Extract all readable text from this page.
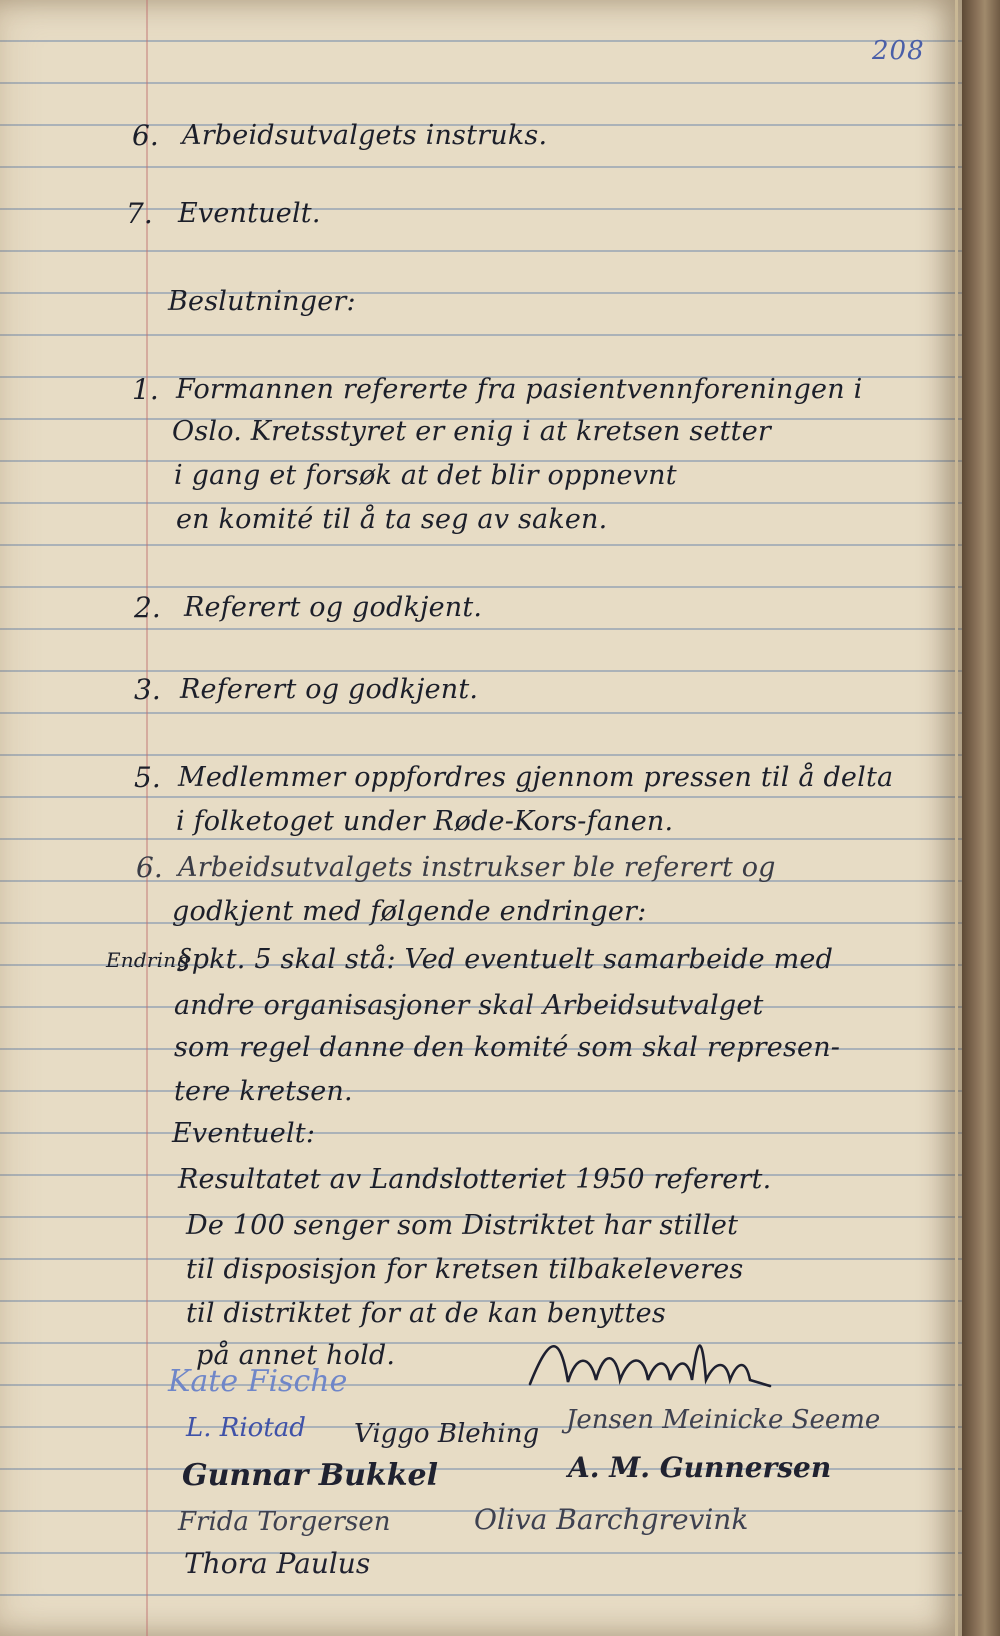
208
6. Arbeidsutvalgets instruks.
7. Eventuelt.
Beslutninger:
1. Formannen refererte fra pasientvennforeningen i
Oslo. Kretsstyret er enig i at kretsen setter
i gang et forsøk at det blir oppnevnt
en komité til å ta seg av saken.
2. Referert og godkjent.
3. Referert og godkjent.
5. Medlemmer oppfordres gjennom pressen til å delta
i folketoget under Røde-Kors-fanen.
6. Arbeidsutvalgets instrukser ble referert og
godkjent med følgende endringer:
Endring
§pkt. 5 skal stå: Ved eventuelt samarbeide med
andre organisasjoner skal Arbeidsutvalget
som regel danne den komité som skal represen-
tere kretsen.
Eventuelt:
Resultatet av Landslotteriet 1950 referert.
De 100 senger som Distriktet har stillet
til disposisjon for kretsen tilbakeleveres
til distriktet for at de kan benyttes
på annet hold.
Kate Fische
L. Riotad Viggo Blehing
Gunnar Bukkel
Frida Torgersen
Thora Paulus
A. M. Gunnersen
Oliva Barchgrevink
Jensen Meinicke Seeme
